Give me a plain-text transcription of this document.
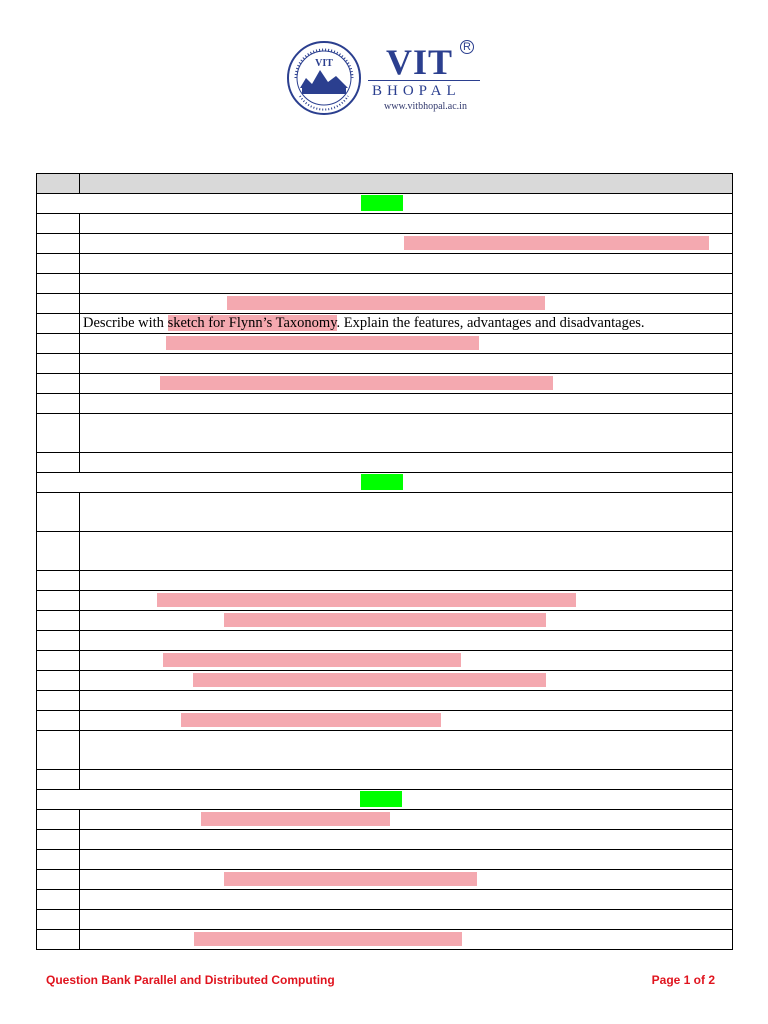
VIT VIT R
BHOPAL
www.vitbhopal.ac.in
Describe with sketch for Flynn’s Taxonomy. Explain the features, advantages and disadvantages.
Question Bank Parallel and Distributed Computing	Page 1 of 2
